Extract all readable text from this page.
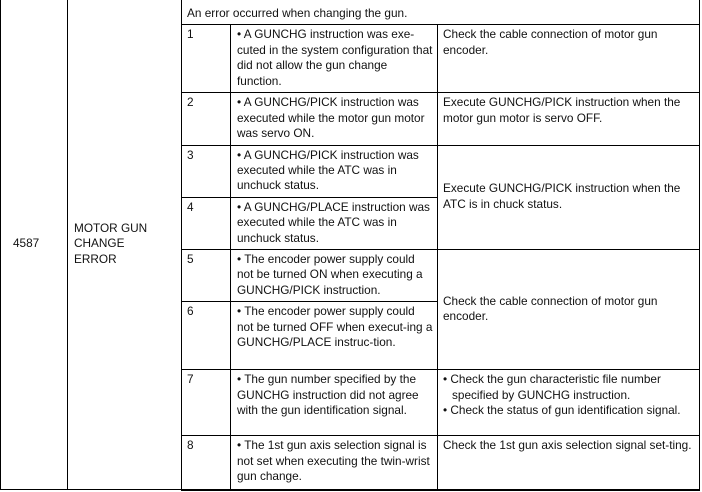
4587	MOTOR GUN
CHANGE
ERROR	An error occurred when changing the gun.		
		1	• A GUNCHG instruction was exe-cuted in the system configuration that did not allow the gun change function.	Check the cable connection of motor gun encoder.
		2	• A GUNCHG/PICK instruction was executed while the motor gun motor was servo ON.	Execute GUNCHG/PICK instruction when the motor gun motor is servo OFF.
		3	• A GUNCHG/PICK instruction was executed while the ATC was in unchuck status.	Execute GUNCHG/PICK instruction when the ATC is in chuck status.
		4	• A GUNCHG/PLACE instruction was executed while the ATC was in unchuck status.	
		5	• The encoder power supply could not be turned ON when executing a GUNCHG/PICK instruction.	Check the cable connection of motor gun encoder.
		6	• The encoder power supply could not be turned OFF when execut-ing a GUNCHG/PLACE instruc-tion.	
		7	• The gun number specified by the GUNCHG instruction did not agree with the gun identification signal.	• Check the gun characteristic file number specified by GUNCHG instruction.
• Check the status of gun identification signal.

		8	• The 1st gun axis selection signal is not set when executing the twin-wrist gun change.	Check the 1st gun axis selection signal set-ting.
